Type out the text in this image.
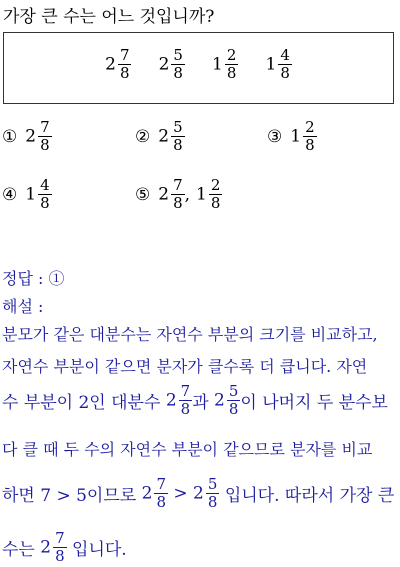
가장 큰 수는 어느 것입니까?
$2 \frac{7}{8} 2 \frac{5}{8} 1 \frac{2}{8} 1 \frac{4}{8}$
① $2 \frac{7}{8}$	② $2 \frac{5}{8}$	③ $1 \frac{2}{8}$
④ $1 \frac{4}{8}$	⑤ $2 \frac{7}{8}$ , $1 \frac{2}{8}$
정답 : ①
해설 :
분모가 같은 대분수는 자연수 부분의 크기를 비교하고,
자연수 부분이 같으면 분자가 클수록 더 큽니다. 자연
수 부분이 2인 대분수 $2 \frac{7}{8}$ 과 $2 \frac{5}{8}$ 이 나머지 두 분수보
다 클 때 두 수의 자연수 부분이 같으므로 분자를 비교
하면 7 > 5이므로 $2 \frac{7}{8} > 2 \frac{5}{8}$ 입니다. 따라서 가장 큰
수는 $2 \frac{7}{8}$ 입니다.
